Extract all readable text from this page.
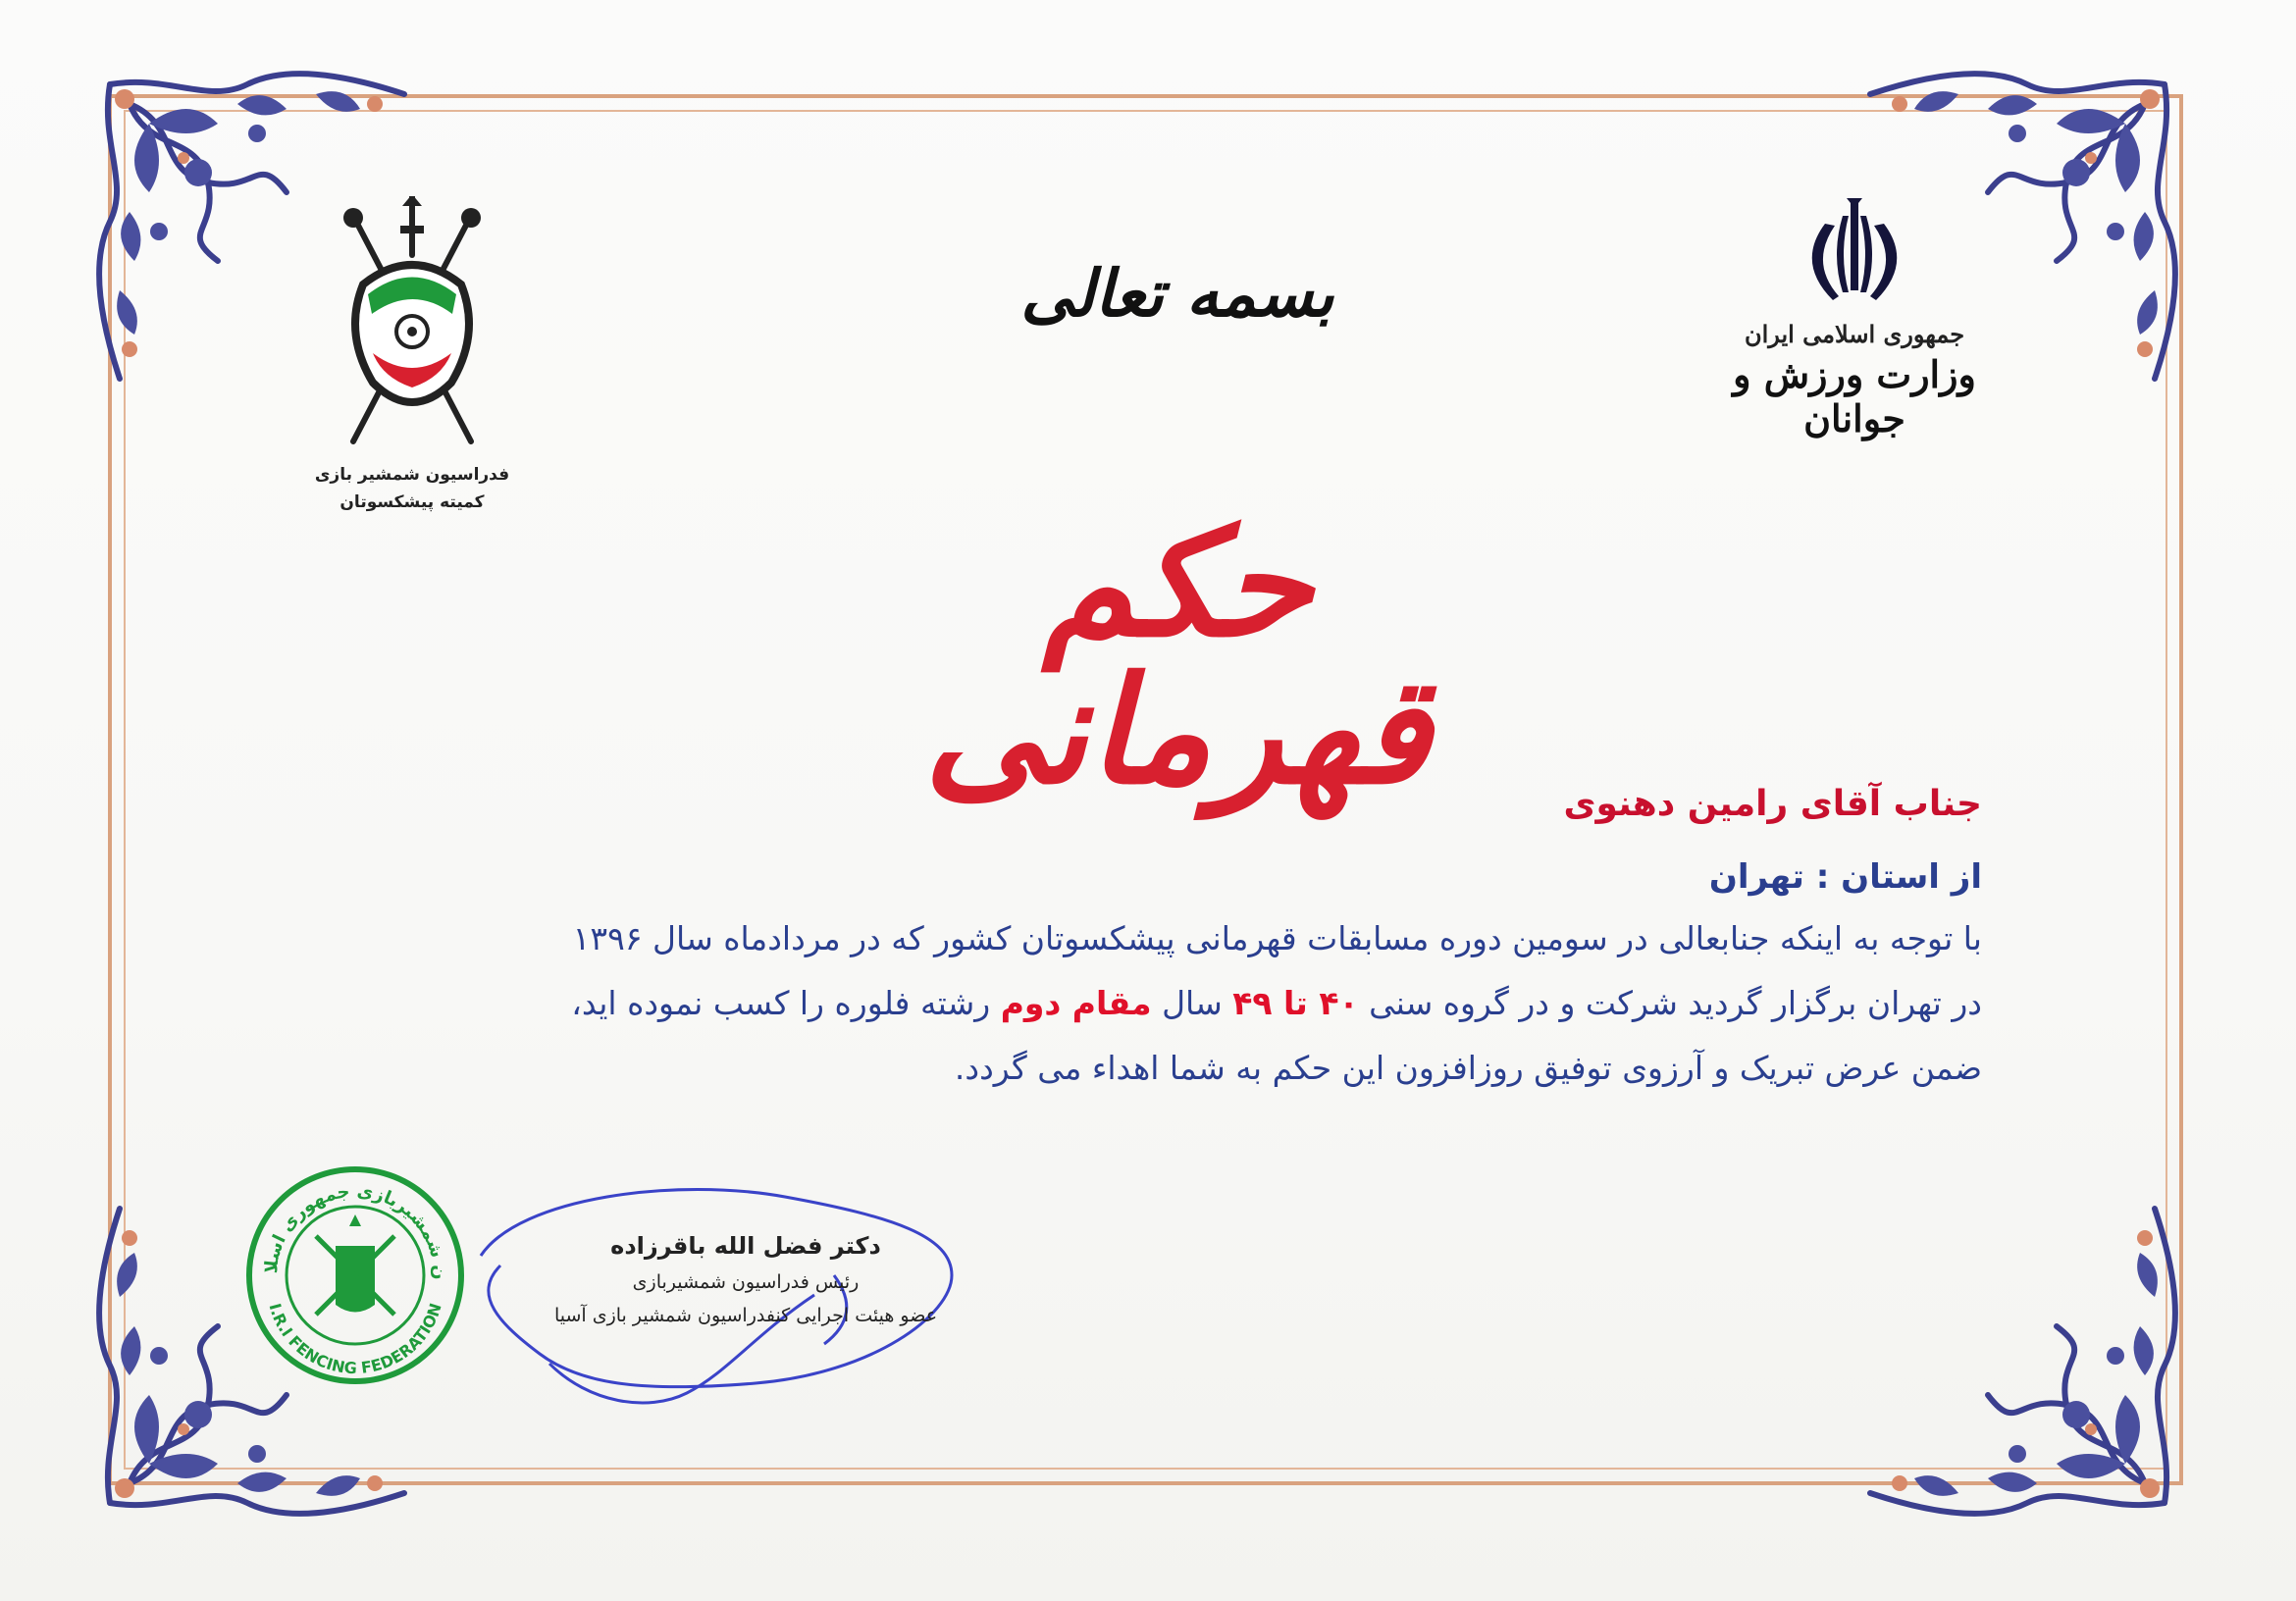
جمهوری اسلامی ایران
وزارت ورزش و جوانان
فدراسیون شمشیر بازی
کمیته پیشکسوتان
بسمه تعالی
حکم قهرمانی	جناب آقای رامین دهنوی
از استان : تهران
با توجه به اینکه جنابعالی در سومین دوره مسابقات قهرمانی پیشکسوتان کشور که در مردادماه سال ۱۳۹۶
در تهران برگزار گردید شرکت و در گروه سنی ۴۰ تا ۴۹ سال مقام دوم رشته فلوره را کسب نموده اید،
ضمن عرض تبریک و آرزوی توفیق روزافزون این حکم به شما اهداء می گردد.
ن شمشیربازی جمهوری اسلامی
I.R.I FENCING FEDERATION
دکتر فضل الله باقرزاده
رئیس فدراسیون شمشیربازی
عضو هیئت اجرایی کنفدراسیون شمشیر بازی آسیا
